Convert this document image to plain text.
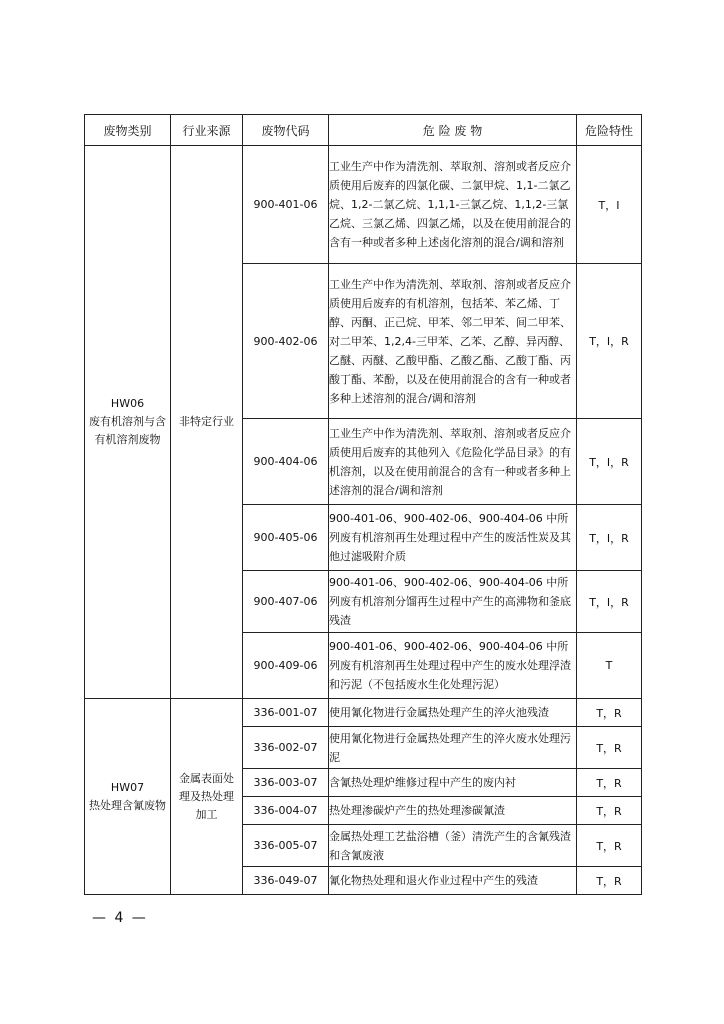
废物类别	行业来源	废物代码	危 险 废 物	危险特性

HW06
废有机溶剂与含有机溶剂废物	非特定行业	900-401-06	工业生产中作为清洗剂、萃取剂、溶剂或者反应介质使用后废弃的四氯化碳、二氯甲烷、1,1-二氯乙烷、1,2-二氯乙烷、1,1,1-三氯乙烷、1,1,2-三氯乙烷、三氯乙烯、四氯乙烯，以及在使用前混合的含有一种或者多种上述卤化溶剂的混合/调和溶剂	T，I
		900-402-06	工业生产中作为清洗剂、萃取剂、溶剂或者反应介质使用后废弃的有机溶剂，包括苯、苯乙烯、丁醇、丙酮、正己烷、甲苯、邻二甲苯、间二甲苯、对二甲苯、1,2,4-三甲苯、乙苯、乙醇、异丙醇、乙醚、丙醚、乙酸甲酯、乙酸乙酯、乙酸丁酯、丙酸丁酯、苯酚，以及在使用前混合的含有一种或者多种上述溶剂的混合/调和溶剂	T，I，R
		900-404-06	工业生产中作为清洗剂、萃取剂、溶剂或者反应介质使用后废弃的其他列入《危险化学品目录》的有机溶剂，以及在使用前混合的含有一种或者多种上述溶剂的混合/调和溶剂	T，I，R
		900-405-06	900-401-06、900-402-06、900-404-06 中所列废有机溶剂再生处理过程中产生的废活性炭及其他过滤吸附介质	T，I，R
		900-407-06	900-401-06、900-402-06、900-404-06 中所列废有机溶剂分馏再生过程中产生的高沸物和釜底残渣	T，I，R
		900-409-06	900-401-06、900-402-06、900-404-06 中所列废有机溶剂再生处理过程中产生的废水处理浮渣和污泥（不包括废水生化处理污泥）	T

HW07
热处理含氰废物	金属表面处理及热处理加工	336-001-07	使用氰化物进行金属热处理产生的淬火池残渣	T，R
		336-002-07	使用氰化物进行金属热处理产生的淬火废水处理污泥	T，R
		336-003-07	含氰热处理炉维修过程中产生的废内衬	T，R
		336-004-07	热处理渗碳炉产生的热处理渗碳氰渣	T，R
		336-005-07	金属热处理工艺盐浴槽（釜）清洗产生的含氰残渣和含氰废液	T，R
		336-049-07	氰化物热处理和退火作业过程中产生的残渣	T，R
— 4 —
